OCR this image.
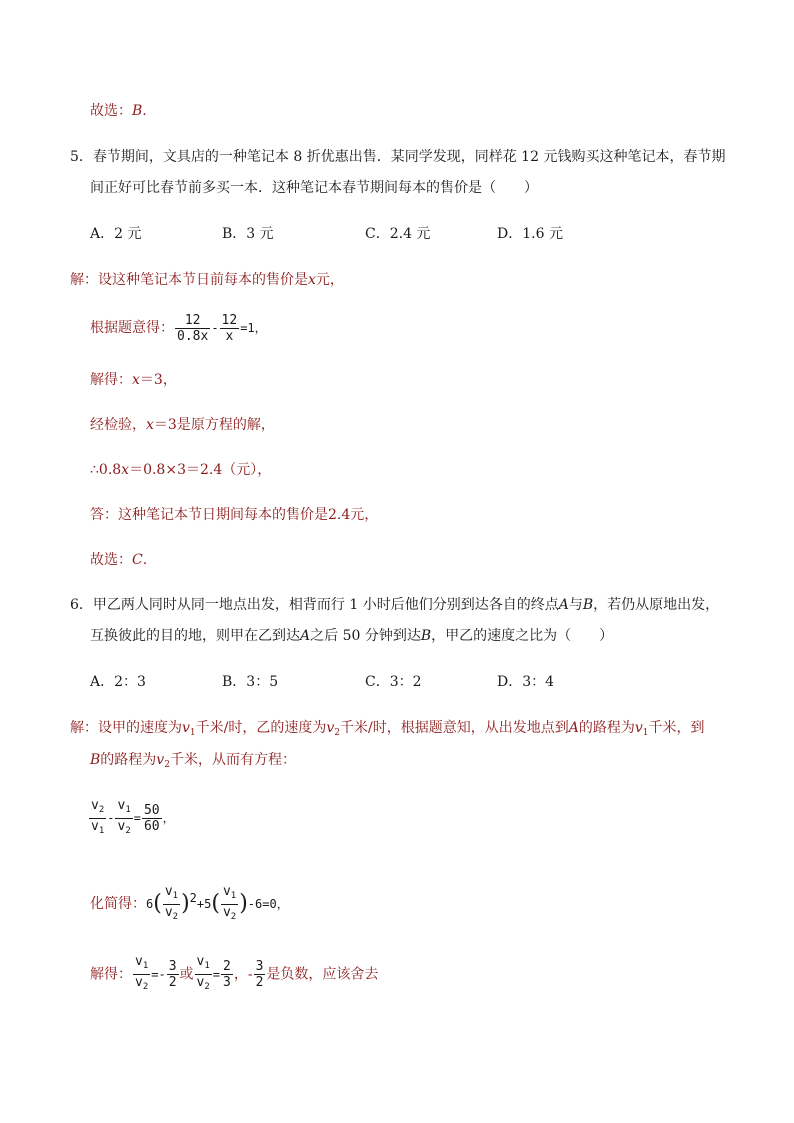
故选：B.
5．春节期间，文具店的一种笔记本 8 折优惠出售．某同学发现，同样花 12 元钱购买这种笔记本，春节期
间正好可比春节前多买一本．这种笔记本春节期间每本的售价是（　　）
A．2 元	B．3 元	C．2.4 元	D．1.6 元
解：设这种笔记本节日前每本的售价是x元，
根据题意得： $\frac{12}{0.8x} - \frac{12}{x} =1$，
解得：x＝3，
经检验，x＝3是原方程的解，
∴0.8x＝0.8×3＝2.4（元），
答：这种笔记本节日期间每本的售价是2.4元，
故选：C.
6．甲乙两人同时从同一地点出发，相背而行 1 小时后他们分别到达各自的终点A与B，若仍从原地出发，
互换彼此的目的地，则甲在乙到达A之后 50 分钟到达B，甲乙的速度之比为（　　）
A．2：3	B．3：5	C．3：2	D．3：4
解：设甲的速度为$v_1$千米/时，乙的速度为$v_2$千米/时，根据题意知，从出发地点到A的路程为$v_1$千米，到
B的路程为$v_2$千米，从而有方程：
$\frac{v_2}{v_1} - \frac{v_1}{v_2} = \frac{50}{60}$ ，
化简得：$6( \frac{v_1}{v_2} )2+5( \frac{v_1}{v_2} )-6=0$，
解得： $\frac{v_1}{v_2} =- \frac{3}{2}$ 或 $\frac{v_1}{v_2} = \frac{2}{3}$ ，- $\frac{3}{2}$ 是负数，应该舍去
